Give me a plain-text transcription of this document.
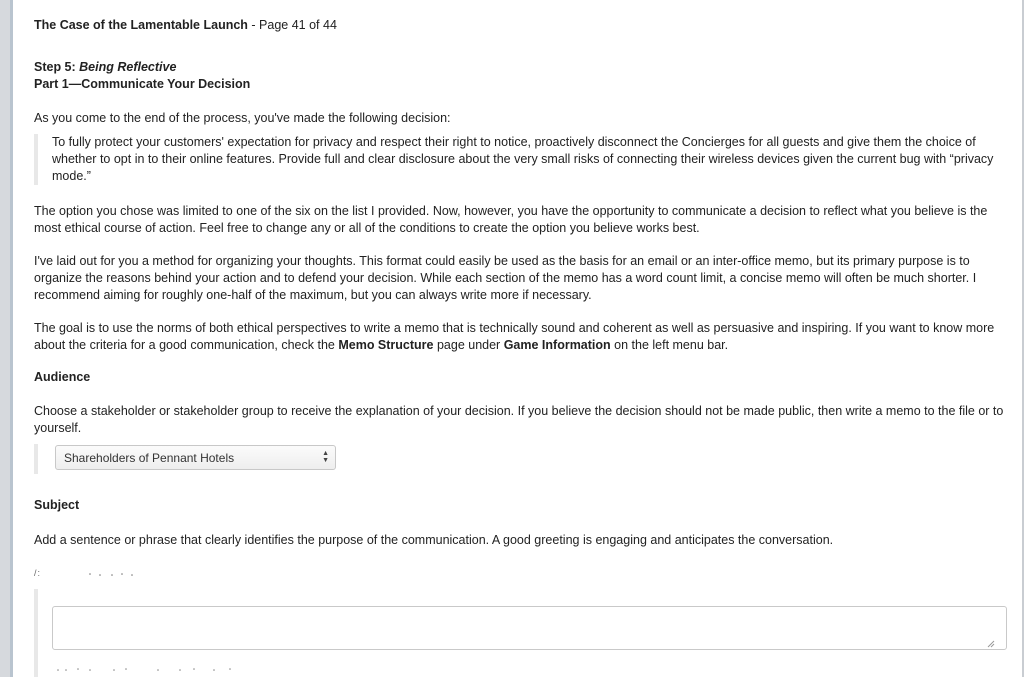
The Case of the Lamentable Launch - Page 41 of 44
Step 5: Being Reflective
Part 1—Communicate Your Decision
As you come to the end of the process, you've made the following decision:
To fully protect your customers' expectation for privacy and respect their right to notice, proactively disconnect the Concierges for all guests and give them the choice of whether to opt in to their online features. Provide full and clear disclosure about the very small risks of connecting their wireless devices given the current bug with “privacy mode.”
The option you chose was limited to one of the six on the list I provided. Now, however, you have the opportunity to communicate a decision to reflect what you believe is the most ethical course of action. Feel free to change any or all of the conditions to create the option you believe works best.
I've laid out for you a method for organizing your thoughts. This format could easily be used as the basis for an email or an inter-office memo, but its primary purpose is to organize the reasons behind your action and to defend your decision. While each section of the memo has a word count limit, a concise memo will often be much shorter. I recommend aiming for roughly one-half of the maximum, but you can always write more if necessary.
The goal is to use the norms of both ethical perspectives to write a memo that is technically sound and coherent as well as persuasive and inspiring. If you want to know more about the criteria for a good communication, check the Memo Structure page under Game Information on the left menu bar.
Audience
Choose a stakeholder or stakeholder group to receive the explanation of your decision. If you believe the decision should not be made public, then write a memo to the file or to yourself.
Shareholders of Pennant Hotels	▲
▼
Subject
Add a sentence or phrase that clearly identifies the purpose of the communication. A good greeting is engaging and anticipates the conversation.
/:
